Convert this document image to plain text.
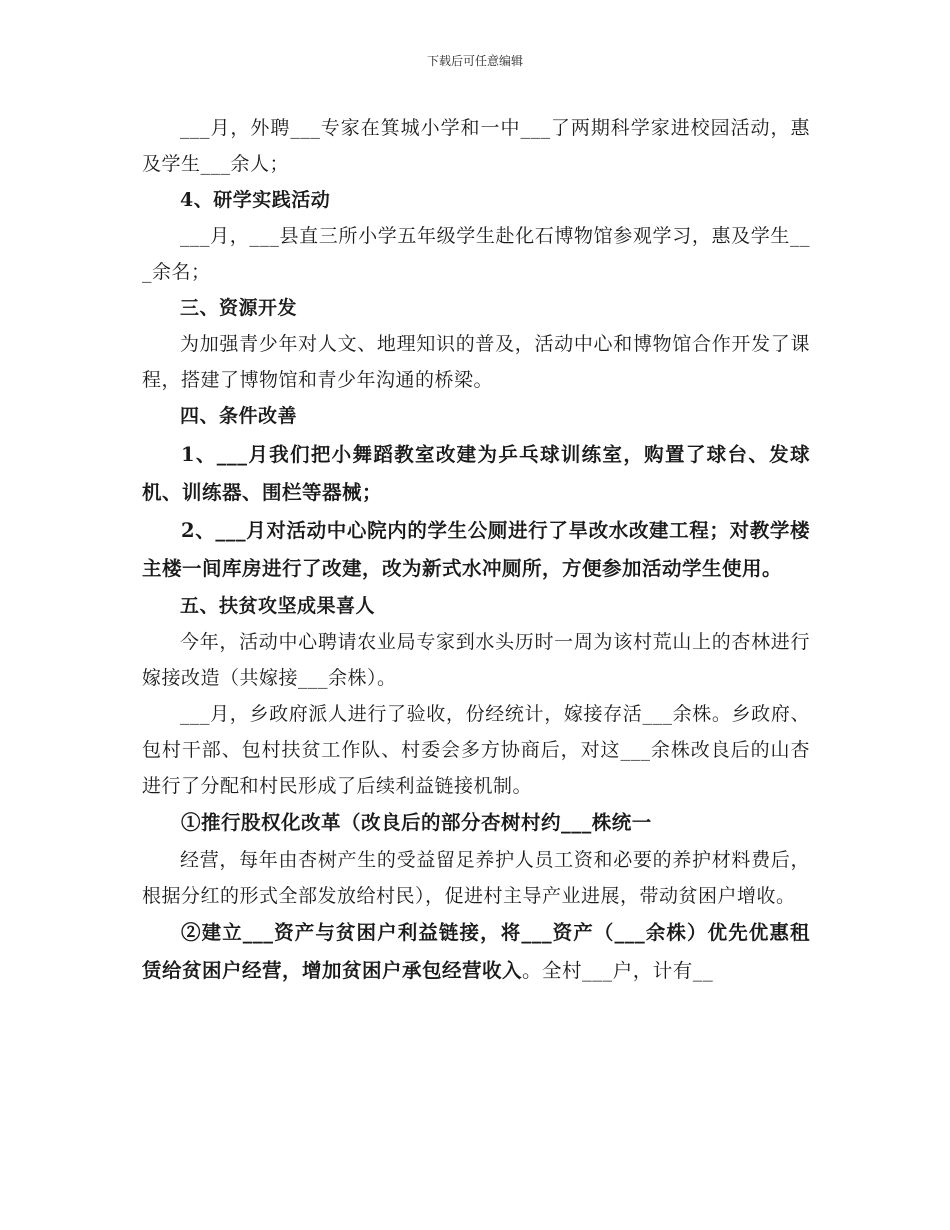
下载后可任意编辑

___月，外聘___专家在箕城小学和一中___了两期科学家进校园活动，惠及学生___余人；

4、研学实践活动

___月，___县直三所小学五年级学生赴化石博物馆参观学习，惠及学生___余名；

三、资源开发

为加强青少年对人文、地理知识的普及，活动中心和博物馆合作开发了课程，搭建了博物馆和青少年沟通的桥梁。

四、条件改善

1、___月我们把小舞蹈教室改建为乒乓球训练室，购置了球台、发球机、训练器、围栏等器械；

2、___月对活动中心院内的学生公厕进行了旱改水改建工程；对教学楼主楼一间库房进行了改建，改为新式水冲厕所，方便参加活动学生使用。

五、扶贫攻坚成果喜人

今年，活动中心聘请农业局专家到水头历时一周为该村荒山上的杏林进行嫁接改造（共嫁接___余株）。

___月，乡政府派人进行了验收，份经统计，嫁接存活___余株。乡政府、包村干部、包村扶贫工作队、村委会多方协商后，对这___余株改良后的山杏进行了分配和村民形成了后续利益链接机制。

①推行股权化改革（改良后的部分杏树村约___株统一

经营，每年由杏树产生的受益留足养护人员工资和必要的养护材料费后，根据分红的形式全部发放给村民），促进村主导产业进展，带动贫困户增收。

②建立___资产与贫困户利益链接，将___资产（___余株）优先优惠租赁给贫困户经营，增加贫困户承包经营收入。全村___户，计有__
